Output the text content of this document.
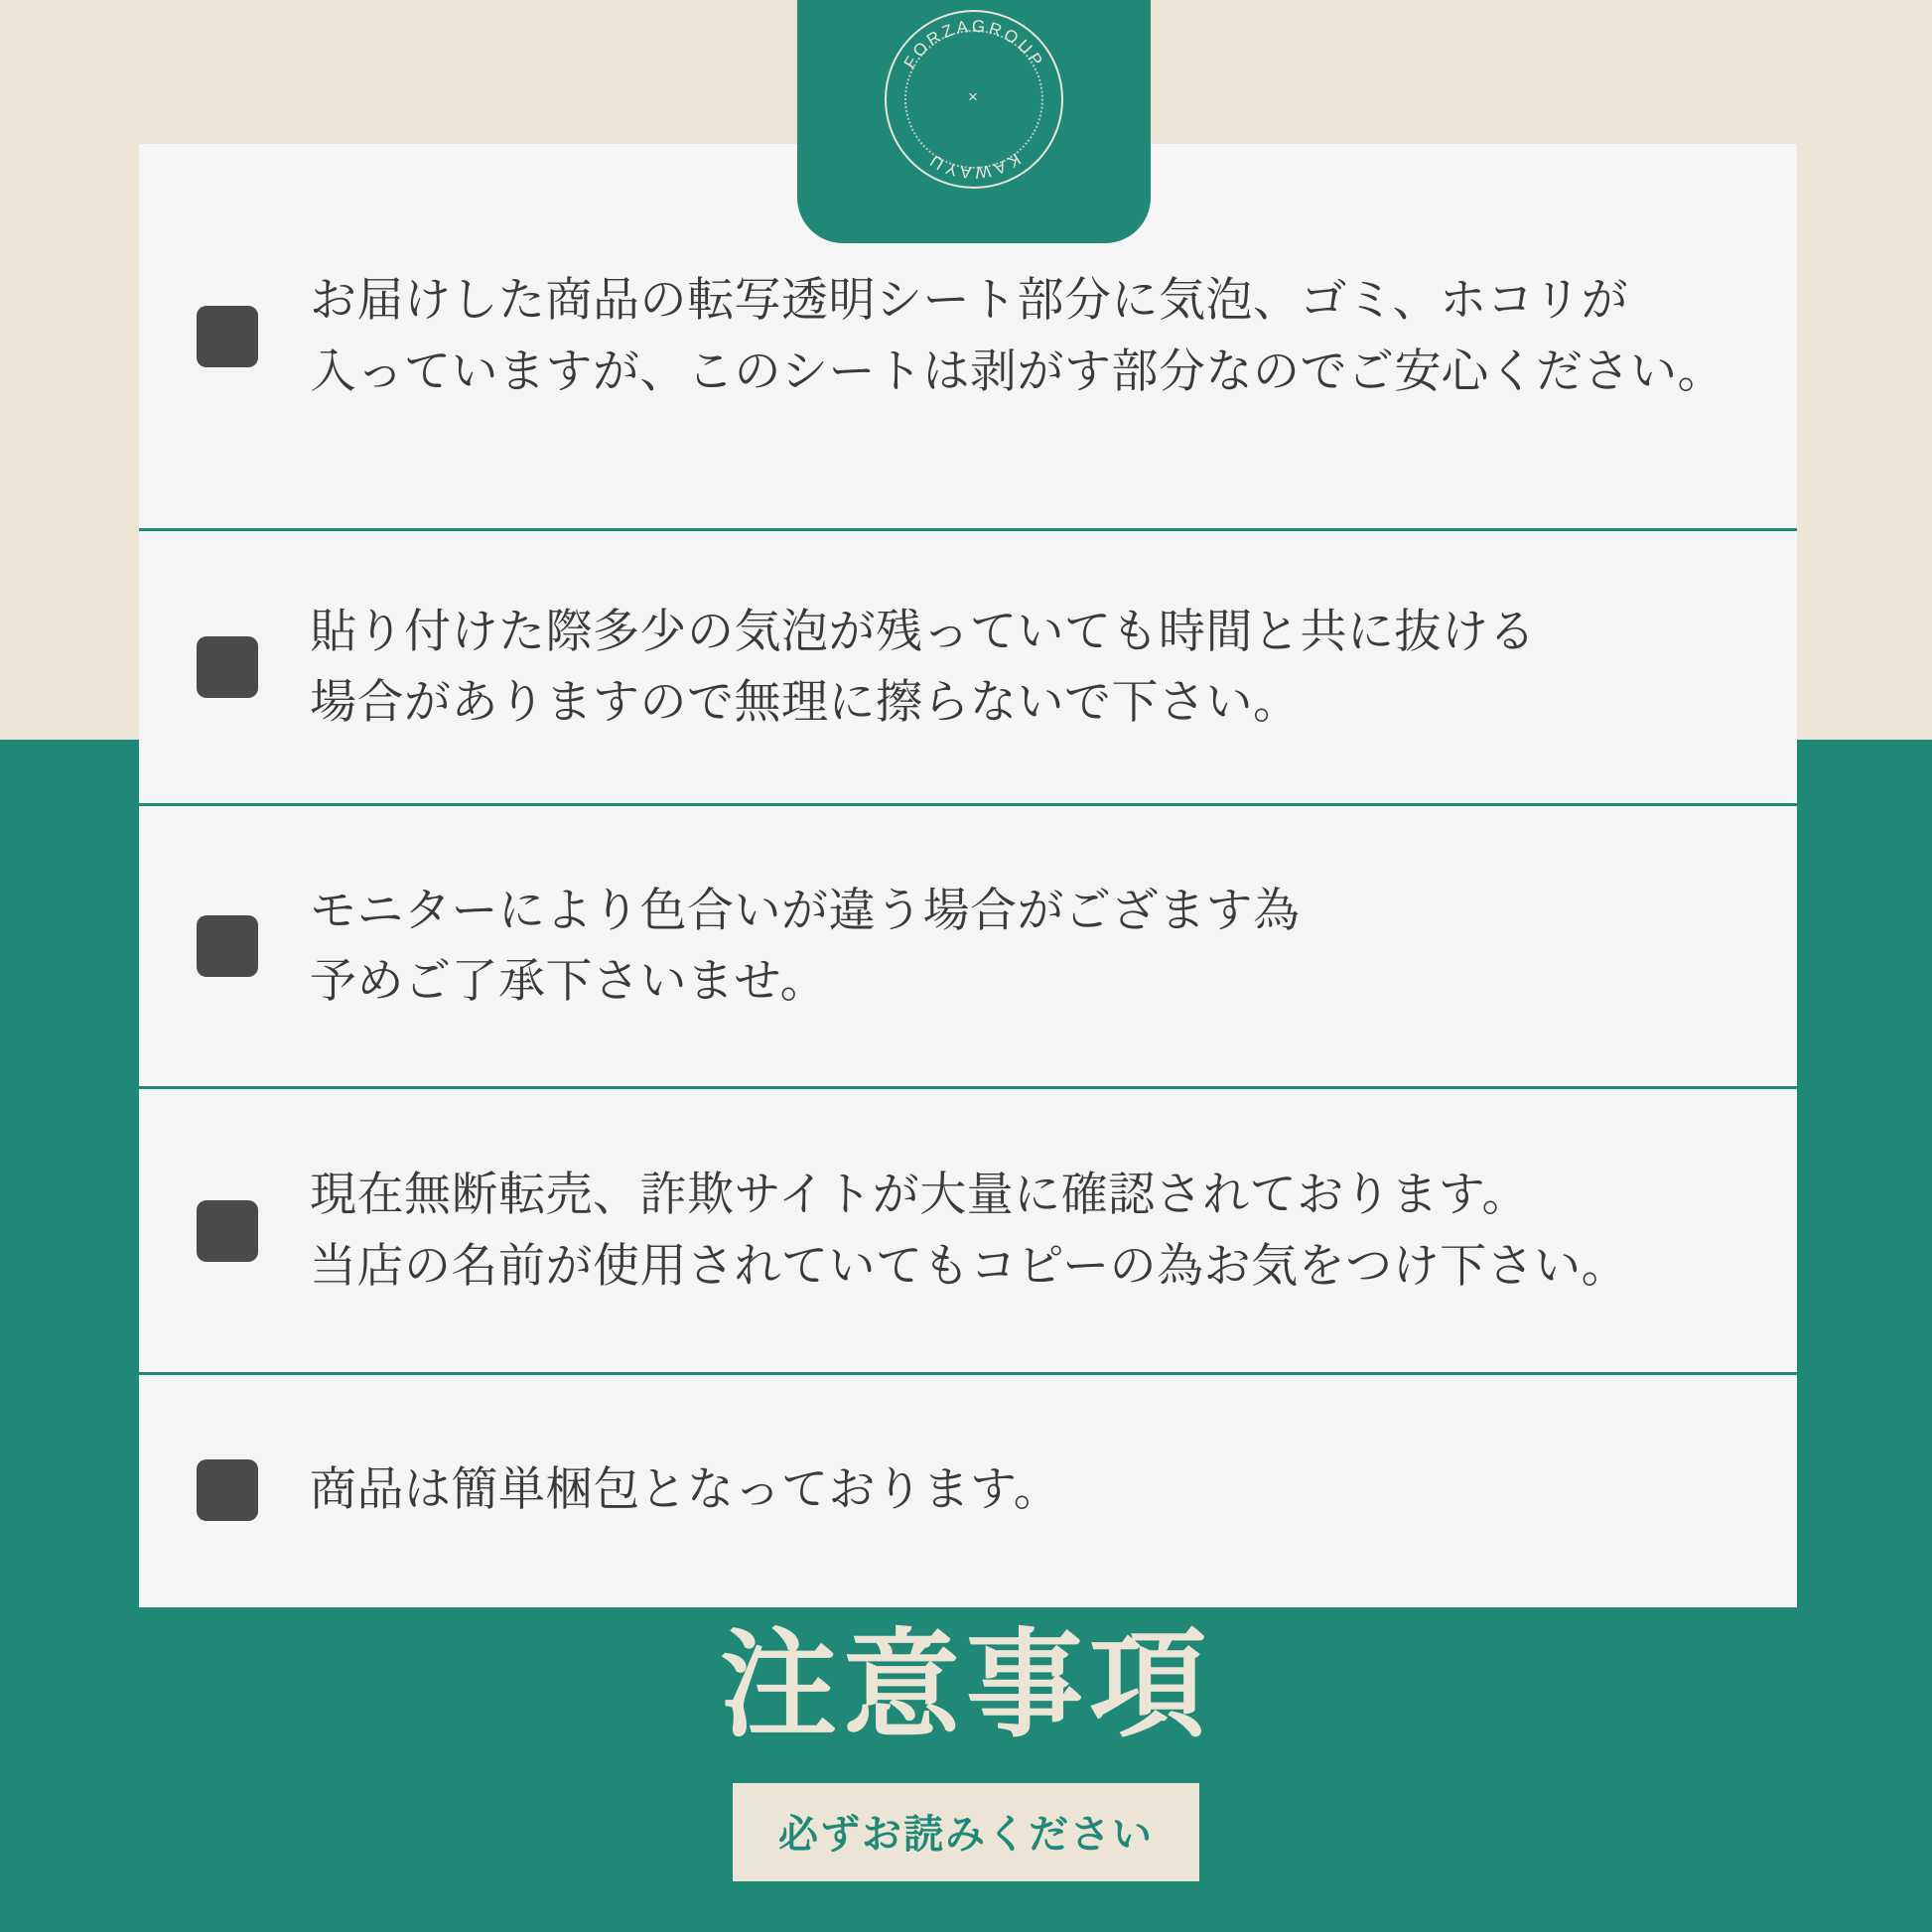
FORZAGROUP
KAWAYU
×
お届けした商品の転写透明シート部分に気泡、ゴミ、ホコリが
入っていますが、このシートは剥がす部分なのでご安心ください。
貼り付けた際多少の気泡が残っていても時間と共に抜ける
場合がありますので無理に擦らないで下さい。
モニターにより色合いが違う場合がござます為
予めご了承下さいませ。
現在無断転売、詐欺サイトが大量に確認されております。
当店の名前が使用されていてもコピーの為お気をつけ下さい。
商品は簡単梱包となっております。
注意事項
必ずお読みください
